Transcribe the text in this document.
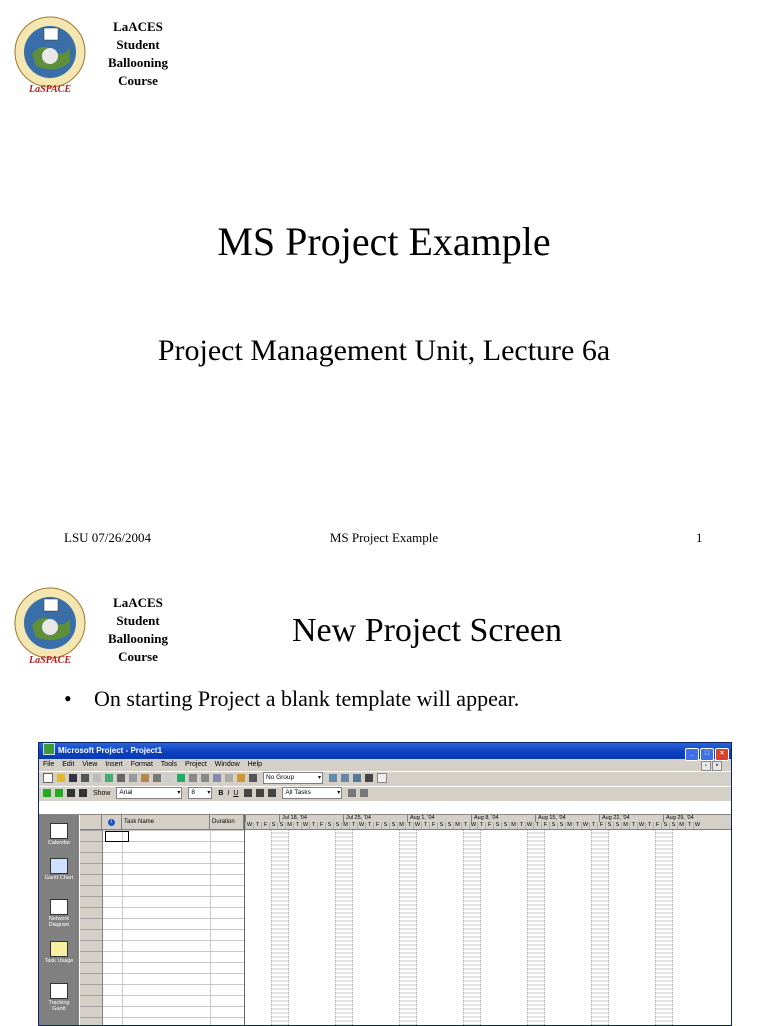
LaSPACE
LaACES
Student
Ballooning
Course
MS Project Example
Project Management Unit, Lecture 6a
LSU 07/26/2004	MS Project Example	1
LaSPACE
LaACES
Student
Ballooning
Course
New Project Screen
• On starting Project a blank template will appear.
Microsoft Project - Project1	_ □ ×
File Edit View Insert Format Tools Project Window Help	▫ ×
No Group	▾

Show Arial	▾ 8 ▾ B I U	All Tasks	▾

Calendar
Gantt Chart
Network Diagram
Task Usage
Tracking Gantt
i	Task Name	Duration
Jul 18, '04	Jul 25, '04	Aug 1, '04	Aug 8, '04	Aug 15, '04	Aug 22, '04	Aug 29, '04
W T F S S M T W T F S S M T W T F S S M T W T F S S M T W T F S S M T W T F S S M T W T F S S M T W T F S S M T W
